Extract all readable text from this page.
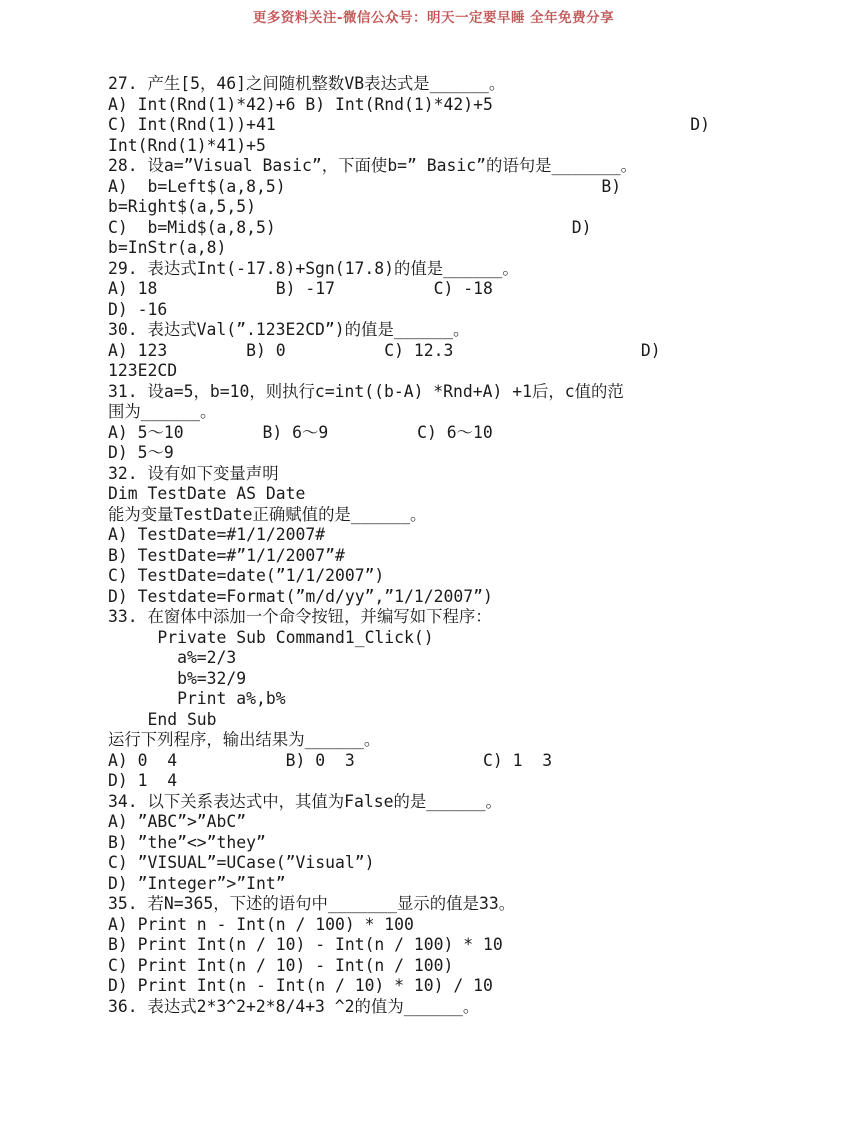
更多资料关注-微信公众号：明天一定要早睡 全年免费分享
27. 产生[5，46]之间随机整数VB表达式是______。
A) Int(Rnd(1)*42)+6 B) Int(Rnd(1)*42)+5
C) Int(Rnd(1))+41                                          D)
Int(Rnd(1)*41)+5
28. 设a=”Visual Basic”，下面使b=” Basic”的语句是_______。
A)  b=Left$(a,8,5)                                B)
b=Right$(a,5,5)
C)  b=Mid$(a,8,5)                              D)
b=InStr(a,8)
29. 表达式Int(-17.8)+Sgn(17.8)的值是______。
A) 18            B) -17          C) -18
D) -16
30. 表达式Val(”.123E2CD”)的值是______。
A) 123        B) 0          C) 12.3                   D)
123E2CD
31. 设a=5，b=10，则执行c=int((b-A) *Rnd+A) +1后，c值的范
围为______。
A) 5～10        B) 6～9         C) 6～10
D) 5～9
32. 设有如下变量声明
Dim TestDate AS Date
能为变量TestDate正确赋值的是______。
A) TestDate=#1/1/2007#
B) TestDate=#”1/1/2007”#
C) TestDate=date(”1/1/2007”)
D) Testdate=Format(”m/d/yy”,”1/1/2007”)
33. 在窗体中添加一个命令按钮，并编写如下程序：
Private Sub Command1_Click()
a%=2/3
b%=32/9
Print a%,b%
End Sub
运行下列程序，输出结果为______。
A) 0  4           B) 0  3             C) 1  3
D) 1  4
34. 以下关系表达式中，其值为False的是______。
A) ”ABC”>”AbC”
B) ”the”<>”they”
C) ”VISUAL”=UCase(”Visual”)
D) ”Integer”>”Int”
35. 若N=365，下述的语句中_______显示的值是33。
A) Print n - Int(n / 100) * 100
B) Print Int(n / 10) - Int(n / 100) * 10
C) Print Int(n / 10) - Int(n / 100)
D) Print Int(n - Int(n / 10) * 10) / 10
36. 表达式2*3^2+2*8/4+3 ^2的值为______。
